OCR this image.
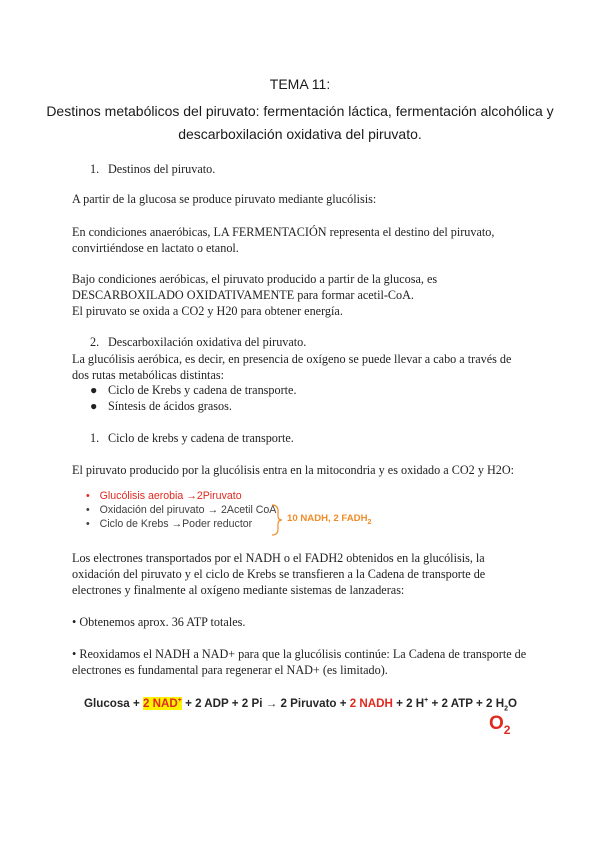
TEMA 11:
Destinos metabólicos del piruvato: fermentación láctica, fermentación alcohólica y
descarboxilación oxidativa del piruvato.
1. Destinos del piruvato.
A partir de la glucosa se produce piruvato mediante glucólisis:
En condiciones anaeróbicas, LA FERMENTACIÓN representa el destino del piruvato,
convirtiéndose en lactato o etanol.
Bajo condiciones aeróbicas, el piruvato producido a partir de la glucosa, es
DESCARBOXILADO OXIDATIVAMENTE para formar acetil-CoA.
El piruvato se oxida a CO2 y H20 para obtener energía.
2. Descarboxilación oxidativa del piruvato.
La glucólisis aeróbica, es decir, en presencia de oxígeno se puede llevar a cabo a través de
dos rutas metabólicas distintas:
● Ciclo de Krebs y cadena de transporte.
● Síntesis de ácidos grasos.
1. Ciclo de krebs y cadena de transporte.
El piruvato producido por la glucólisis entra en la mitocondria y es oxidado a CO2 y H2O:
• Glucólisis aerobia →2Piruvato
• Oxidación del piruvato → 2Acetil CoA
• Ciclo de Krebs →Poder reductor	10 NADH, 2 $FADH_2$
Los electrones transportados por el NADH o el FADH2 obtenidos en la glucólisis, la
oxidación del piruvato y el ciclo de Krebs se transfieren a la Cadena de transporte de
electrones y finalmente al oxígeno mediante sistemas de lanzaderas:
• Obtenemos aprox. 36 ATP totales.
• Reoxidamos el NADH a NAD+ para que la glucólisis continúe: La Cadena de transporte de
electrones es fundamental para regenerar el NAD+ (es limitado).
Glucosa + 2 NAD+ + 2 ADP + 2 Pi → 2 Piruvato + 2 NADH + 2 H+ + 2 ATP + 2 $H_2O$
$O_2$
